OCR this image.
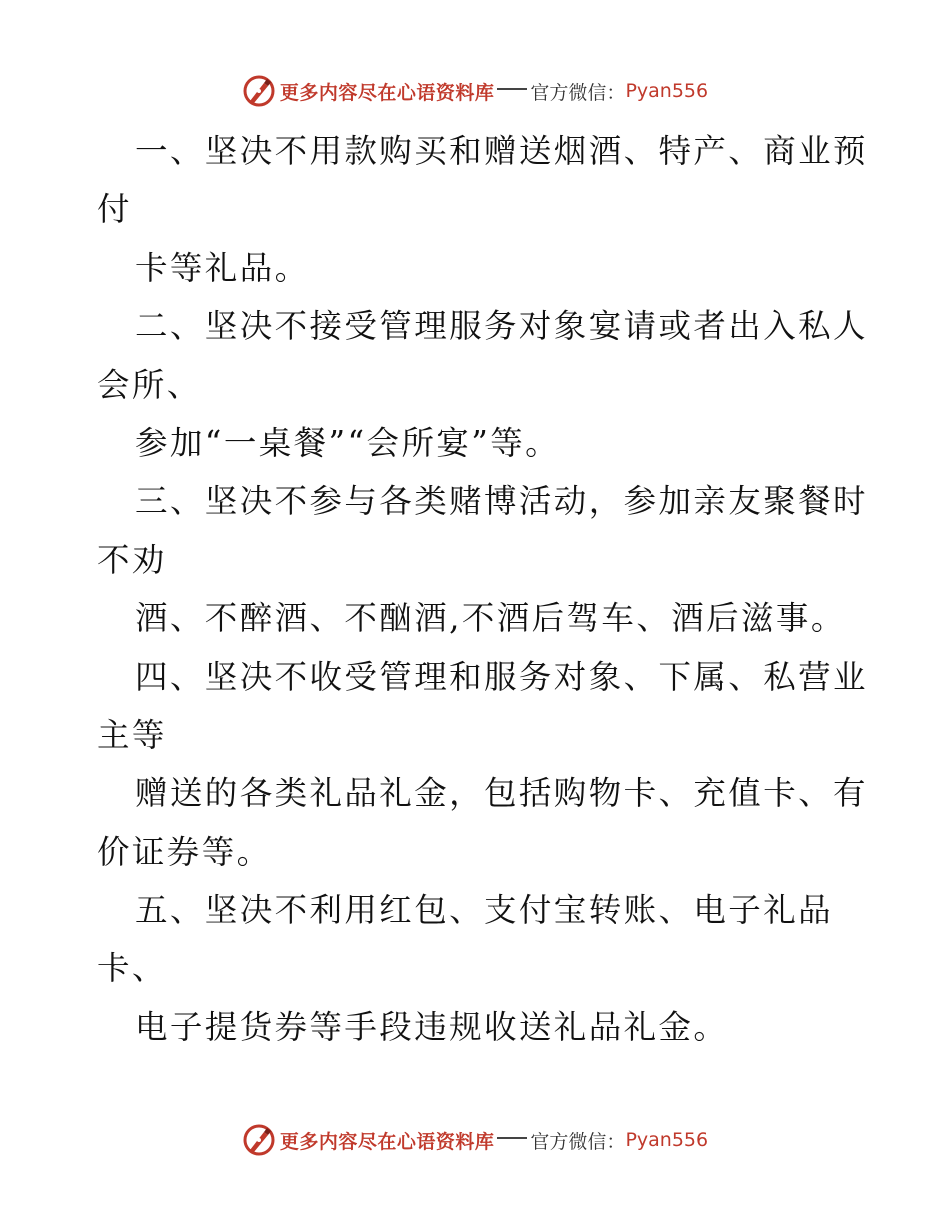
更多内容尽在心语资料库 官方微信： Pyan556
一、坚决不用款购买和赠送烟酒、特产、商业预
付
卡等礼品。
二、坚决不接受管理服务对象宴请或者出入私人
会所、
参加“一桌餐”“会所宴”等。
三、坚决不参与各类赌博活动，参加亲友聚餐时
不劝
酒、不醉酒、不酗酒,不酒后驾车、酒后滋事。
四、坚决不收受管理和服务对象、下属、私营业
主等
赠送的各类礼品礼金，包括购物卡、充值卡、有
价证券等。
五、坚决不利用红包、支付宝转账、电子礼品
卡、
电子提货券等手段违规收送礼品礼金。
更多内容尽在心语资料库 官方微信： Pyan556
